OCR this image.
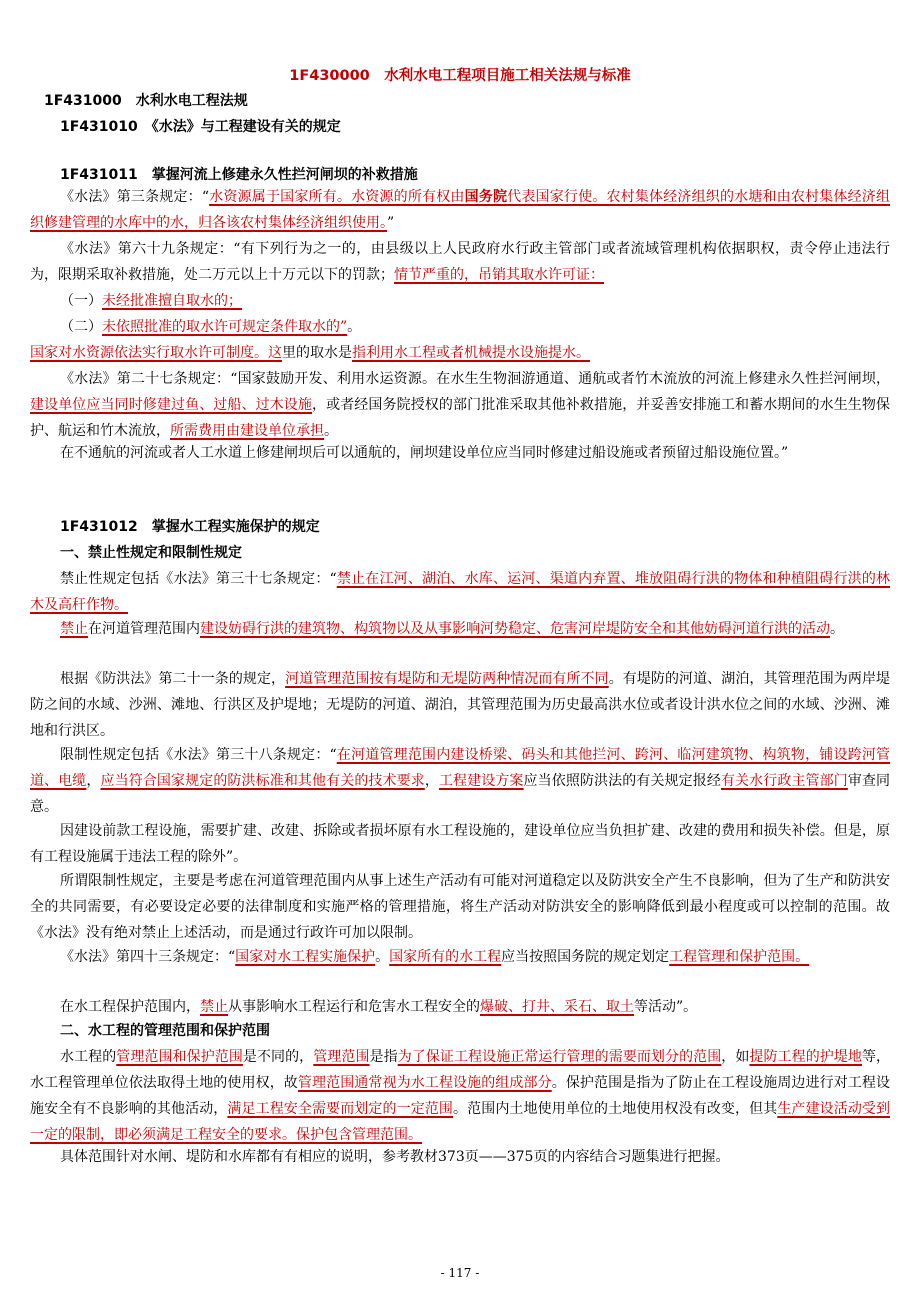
1F430000　水利水电工程项目施工相关法规与标准
1F431000　水利水电工程法规
1F431010　《水法》与工程建设有关的规定
1F431011　掌握河流上修建永久性拦河闸坝的补救措施
《水法》第三条规定：“水资源属于国家所有。水资源的所有权由国务院代表国家行使。农村集体经济组织的水塘和由农村集体经济组织修建管理的水库中的水，归各该农村集体经济组织使用。”
《水法》第六十九条规定：“有下列行为之一的，由县级以上人民政府水行政主管部门或者流域管理机构依据职权，责令停止违法行为，限期采取补救措施，处二万元以上十万元以下的罚款；情节严重的，吊销其取水许可证：
（一）未经批准擅自取水的；
（二）未依照批准的取水许可规定条件取水的”。
国家对水资源依法实行取水许可制度。这里的取水是指利用水工程或者机械提水设施提水。
《水法》第二十七条规定：“国家鼓励开发、利用水运资源。在水生生物洄游通道、通航或者竹木流放的河流上修建永久性拦河闸坝，建设单位应当同时修建过鱼、过船、过木设施，或者经国务院授权的部门批准采取其他补救措施，并妥善安排施工和蓄水期间的水生生物保护、航运和竹木流放，所需费用由建设单位承担。
在不通航的河流或者人工水道上修建闸坝后可以通航的，闸坝建设单位应当同时修建过船设施或者预留过船设施位置。”
1F431012　掌握水工程实施保护的规定
一、禁止性规定和限制性规定
禁止性规定包括《水法》第三十七条规定：“禁止在江河、湖泊、水库、运河、渠道内弃置、堆放阻碍行洪的物体和种植阻碍行洪的林木及高秆作物。
禁止在河道管理范围内建设妨碍行洪的建筑物、构筑物以及从事影响河势稳定、危害河岸堤防安全和其他妨碍河道行洪的活动。
根据《防洪法》第二十一条的规定，河道管理范围按有堤防和无堤防两种情况而有所不同。有堤防的河道、湖泊，其管理范围为两岸堤防之间的水域、沙洲、滩地、行洪区及护堤地；无堤防的河道、湖泊，其管理范围为历史最高洪水位或者设计洪水位之间的水域、沙洲、滩地和行洪区。
限制性规定包括《水法》第三十八条规定：“在河道管理范围内建设桥梁、码头和其他拦河、跨河、临河建筑物、构筑物，铺设跨河管道、电缆，应当符合国家规定的防洪标准和其他有关的技术要求，工程建设方案应当依照防洪法的有关规定报经有关水行政主管部门审查同意。
因建设前款工程设施，需要扩建、改建、拆除或者损坏原有水工程设施的，建设单位应当负担扩建、改建的费用和损失补偿。但是，原有工程设施属于违法工程的除外”。
所谓限制性规定，主要是考虑在河道管理范围内从事上述生产活动有可能对河道稳定以及防洪安全产生不良影响，但为了生产和防洪安全的共同需要，有必要设定必要的法律制度和实施严格的管理措施，将生产活动对防洪安全的影响降低到最小程度或可以控制的范围。故《水法》没有绝对禁止上述活动，而是通过行政许可加以限制。
《水法》第四十三条规定：“国家对水工程实施保护。国家所有的水工程应当按照国务院的规定划定工程管理和保护范围。
在水工程保护范围内，禁止从事影响水工程运行和危害水工程安全的爆破、打井、采石、取土等活动”。
二、水工程的管理范围和保护范围
水工程的管理范围和保护范围是不同的，管理范围是指为了保证工程设施正常运行管理的需要而划分的范围，如提防工程的护堤地等，水工程管理单位依法取得土地的使用权，故管理范围通常视为水工程设施的组成部分。保护范围是指为了防止在工程设施周边进行对工程设施安全有不良影响的其他活动，满足工程安全需要而划定的一定范围。范围内土地使用单位的土地使用权没有改变，但其生产建设活动受到一定的限制，即必须满足工程安全的要求。保护包含管理范围。
具体范围针对水闸、堤防和水库都有有相应的说明，参考教材373页——375页的内容结合习题集进行把握。
- 117 -
